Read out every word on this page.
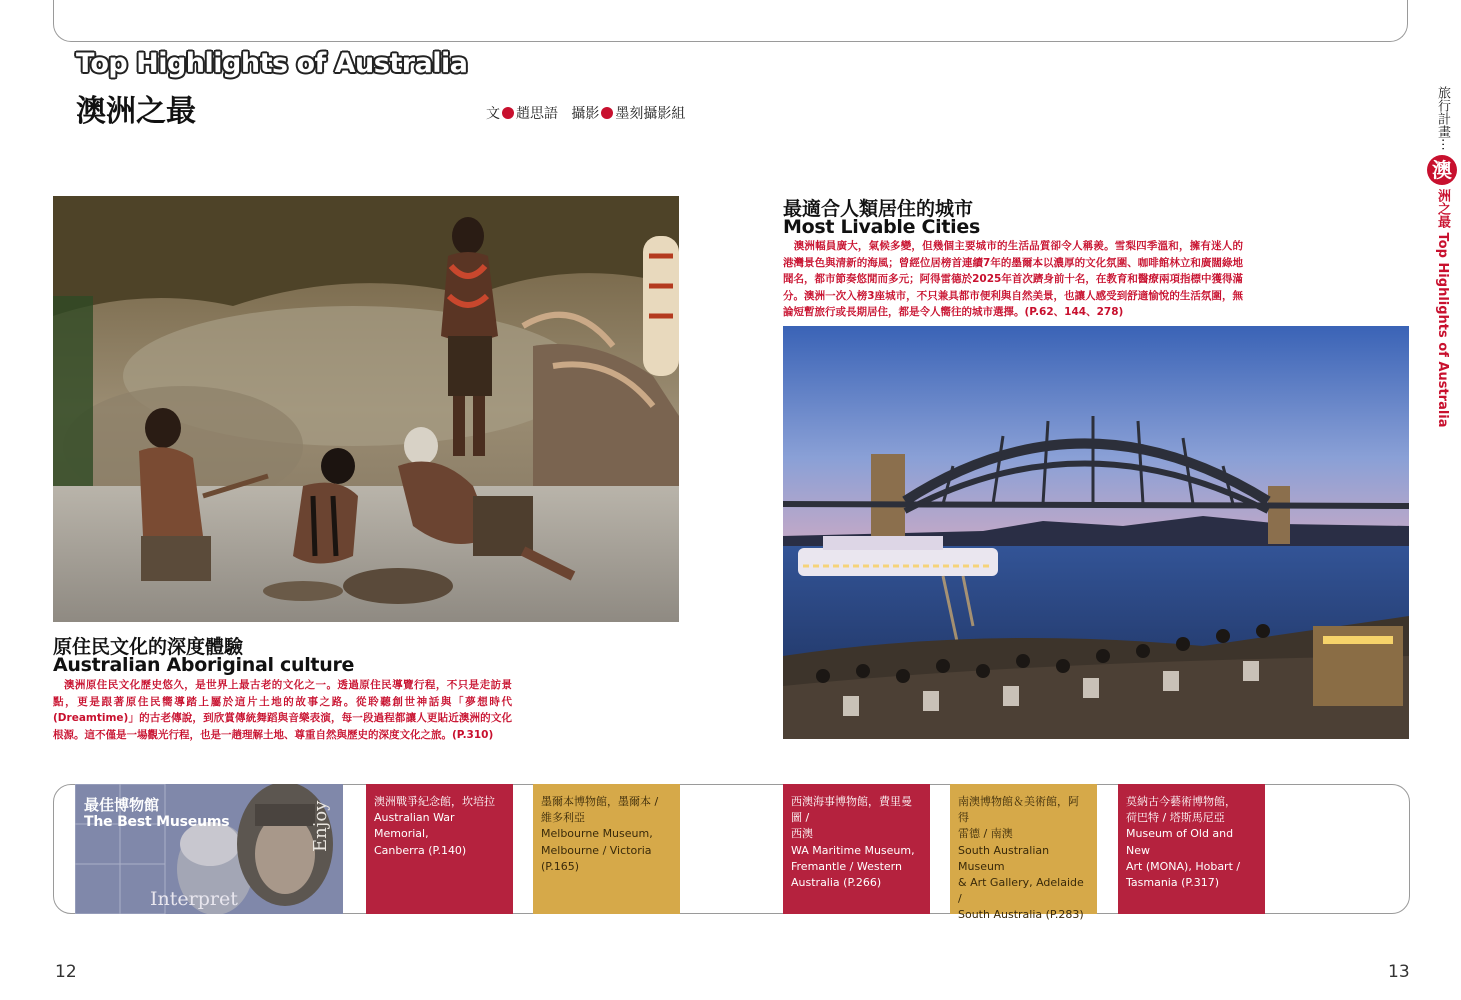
Top Highlights of Australia
澳洲之最	文 趙思語 攝影 墨刻攝影組	旅行計畫⋯澳洲之最 Top Highlights of Australia
原住民文化的深度體驗
Australian Aboriginal culture
　澳洲原住民文化歷史悠久，是世界上最古老的文化之一。透過原住民導覽行程，不只是走訪景點，更是跟著原住民嚮導踏上屬於這片土地的故事之路。從聆聽創世神話與「夢想時代(Dreamtime)」的古老傳說，到欣賞傳統舞蹈與音樂表演，每一段過程都讓人更貼近澳洲的文化根源。這不僅是一場觀光行程，也是一趟理解土地、尊重自然與歷史的深度文化之旅。(P.310)
最適合人類居住的城市
Most Livable Cities
　澳洲幅員廣大，氣候多變，但幾個主要城市的生活品質卻令人稱羨。雪梨四季溫和，擁有迷人的港灣景色與清新的海風；曾經位居榜首連續7年的墨爾本以濃厚的文化氛圍、咖啡館林立和廣闊綠地聞名，都市節奏悠閒而多元；阿得雷德於2025年首次躋身前十名，在教育和醫療兩項指標中獲得滿分。澳洲一次入榜3座城市，不只兼具都市便利與自然美景，也讓人感受到舒適愉悅的生活氛圍，無論短暫旅行或長期居住，都是令人嚮往的城市選擇。(P.62、144、278)
Enjoy
Interpret
最佳博物館
The Best Museums
澳洲戰爭紀念館，坎培拉
Australian War Memorial,
Canberra (P.140)
墨爾本博物館，墨爾本 /
維多利亞
Melbourne Museum,
Melbourne / Victoria
(P.165)
西澳海事博物館，費里曼圖 /
西澳
WA Maritime Museum,
Fremantle / Western
Australia (P.266)
南澳博物館＆美術館，阿得
雷德 / 南澳
South Australian Museum
& Art Gallery, Adelaide /
South Australia (P.283)
莫納古今藝術博物館，
荷巴特 / 塔斯馬尼亞
Museum of Old and New
Art (MONA), Hobart /
Tasmania (P.317)
12	13
